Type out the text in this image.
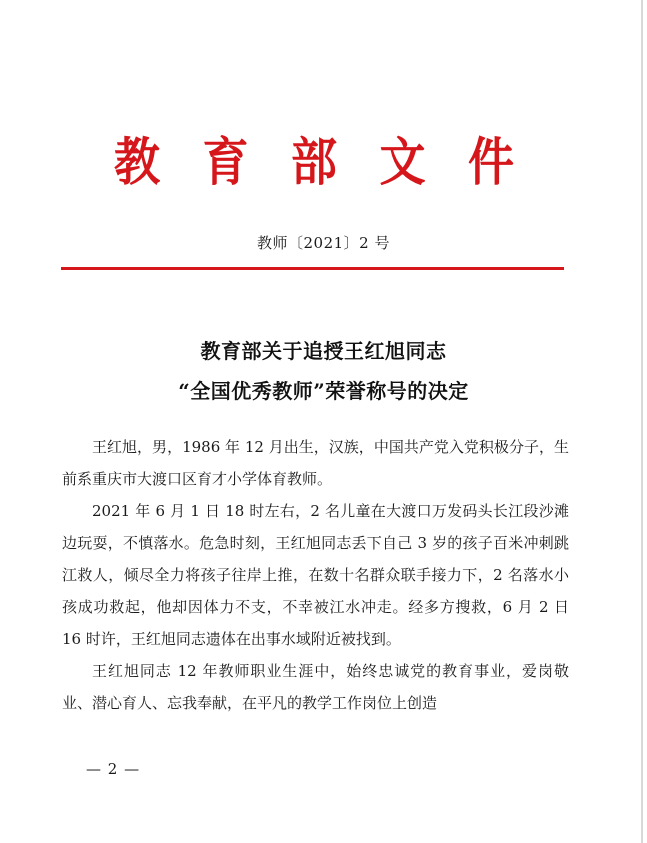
教 育 部 文 件
教师〔2021〕2 号
教育部关于追授王红旭同志
“全国优秀教师”荣誉称号的决定

王红旭，男，1986 年 12 月出生，汉族，中国共产党入党积极分子，生前系重庆市大渡口区育才小学体育教师。

2021 年 6 月 1 日 18 时左右，2 名儿童在大渡口万发码头长江段沙滩边玩耍，不慎落水。危急时刻，王红旭同志丢下自己 3 岁的孩子百米冲刺跳江救人，倾尽全力将孩子往岸上推，在数十名群众联手接力下，2 名落水小孩成功救起，他却因体力不支，不幸被江水冲走。经多方搜救，6 月 2 日 16 时许，王红旭同志遗体在出事水域附近被找到。

王红旭同志 12 年教师职业生涯中，始终忠诚党的教育事业，爱岗敬业、潜心育人、忘我奉献，在平凡的教学工作岗位上创造

— 2 —
